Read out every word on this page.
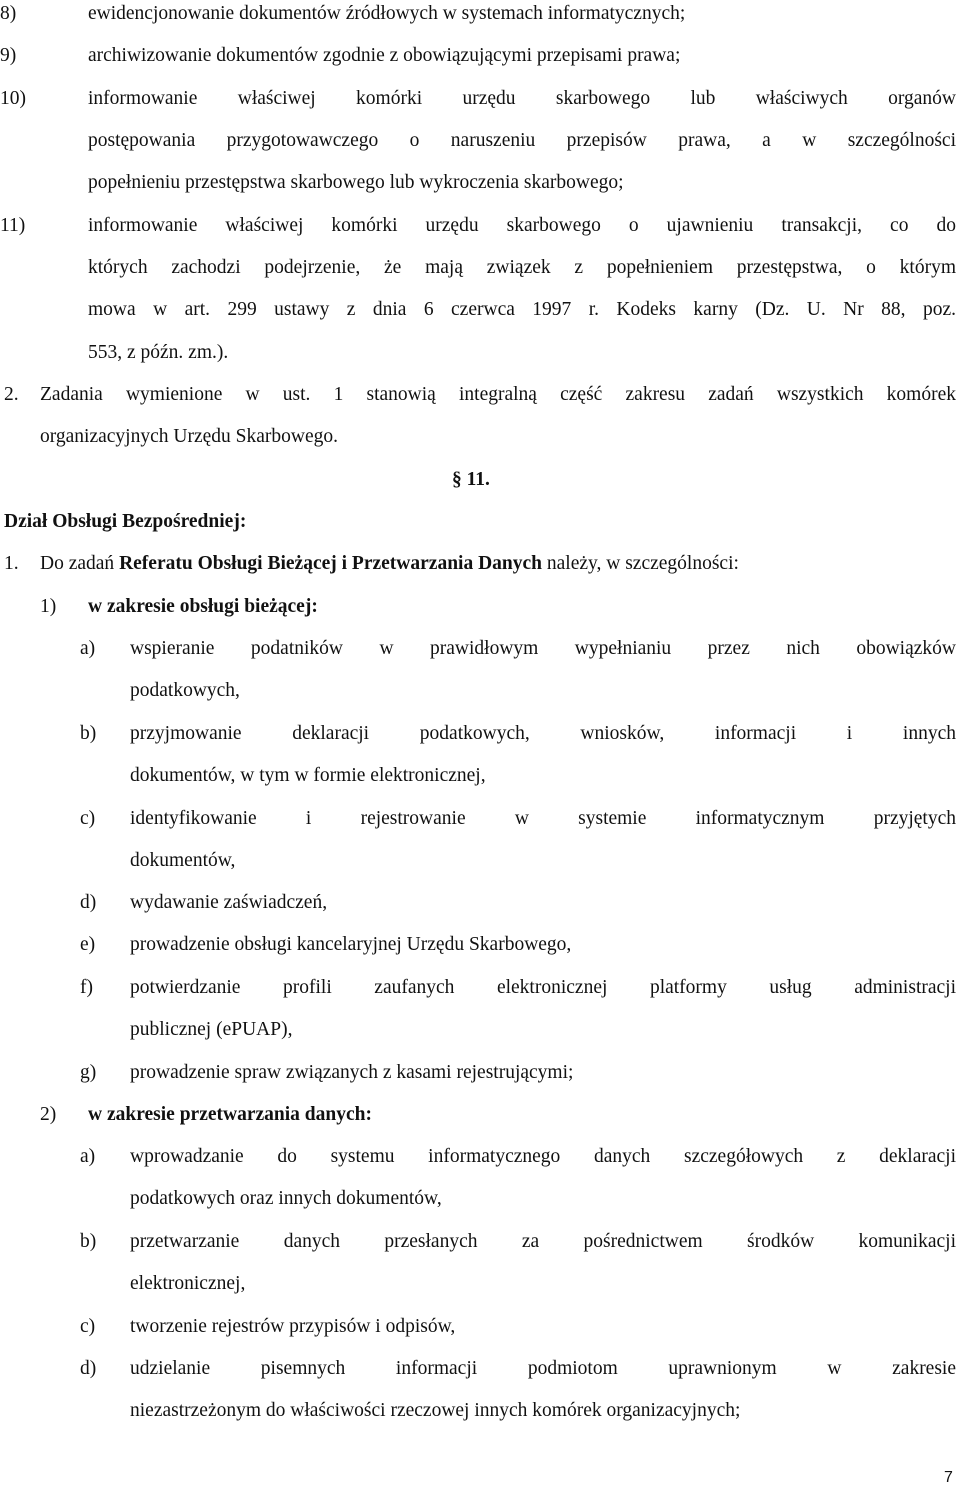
8)	ewidencjonowanie dokumentów źródłowych w systemach informatycznych;
9)	archiwizowanie dokumentów zgodnie z obowiązującymi przepisami prawa;
10)	informowanie właściwej komórki urzędu skarbowego lub właściwych organów
postępowania przygotowawczego o naruszeniu przepisów prawa, a w szczególności
popełnieniu przestępstwa skarbowego lub wykroczenia skarbowego;
11)	informowanie właściwej komórki urzędu skarbowego o ujawnieniu transakcji, co do
których zachodzi podejrzenie, że mają związek z popełnieniem przestępstwa, o którym
mowa w art. 299 ustawy z dnia 6 czerwca 1997 r. Kodeks karny (Dz. U. Nr 88, poz.
553, z późn. zm.).
2. Zadania wymienione w ust. 1 stanowią integralną część zakresu zadań wszystkich komórek
organizacyjnych Urzędu Skarbowego.
§ 11.
Dział Obsługi Bezpośredniej:
1. Do zadań Referatu Obsługi Bieżącej i Przetwarzania Danych należy, w szczególności:
1) w zakresie obsługi bieżącej:
a) wspieranie podatników w prawidłowym wypełnianiu przez nich obowiązków
podatkowych,
b) przyjmowanie deklaracji podatkowych, wniosków, informacji i innych
dokumentów, w tym w formie elektronicznej,
c) identyfikowanie i rejestrowanie w systemie informatycznym przyjętych
dokumentów,
d) wydawanie zaświadczeń,
e) prowadzenie obsługi kancelaryjnej Urzędu Skarbowego,
f) potwierdzanie profili zaufanych elektronicznej platformy usług administracji
publicznej (ePUAP),
g) prowadzenie spraw związanych z kasami rejestrującymi;
2) w zakresie przetwarzania danych:
a) wprowadzanie do systemu informatycznego danych szczegółowych z deklaracji
podatkowych oraz innych dokumentów,
b) przetwarzanie danych przesłanych za pośrednictwem środków komunikacji
elektronicznej,
c) tworzenie rejestrów przypisów i odpisów,
d) udzielanie pisemnych informacji podmiotom uprawnionym w zakresie
niezastrzeżonym do właściwości rzeczowej innych komórek organizacyjnych;
7
